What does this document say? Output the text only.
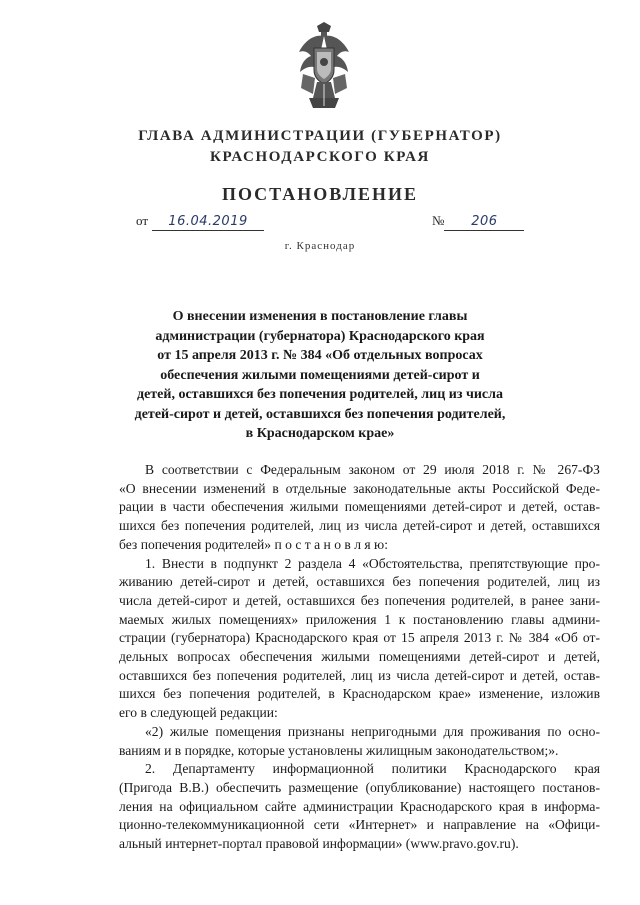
ГЛАВА АДМИНИСТРАЦИИ (ГУБЕРНАТОР)
КРАСНОДАРСКОГО КРАЯ
ПОСТАНОВЛЕНИЕ
от 16.04.2019	№ 206
г. Краснодар
О внесении изменения в постановление главы
администрации (губернатора) Краснодарского края
от 15 апреля 2013 г. № 384 «Об отдельных вопросах
обеспечения жилыми помещениями детей-сирот и
детей, оставшихся без попечения родителей, лиц из числа
детей-сирот и детей, оставшихся без попечения родителей,
в Краснодарском крае»
В соответствии с Федеральным законом от 29 июля 2018 г. № 267-ФЗ
«О внесении изменений в отдельные законодательные акты Российской Феде-
рации в части обеспечения жилыми помещениями детей-сирот и детей, остав-
шихся без попечения родителей, лиц из числа детей-сирот и детей, оставшихся
без попечения родителей» п о с т а н о в л я ю:
1. Внести в подпункт 2 раздела 4 «Обстоятельства, препятствующие про-
живанию детей-сирот и детей, оставшихся без попечения родителей, лиц из
числа детей-сирот и детей, оставшихся без попечения родителей, в ранее зани-
маемых жилых помещениях» приложения 1 к постановлению главы админи-
страции (губернатора) Краснодарского края от 15 апреля 2013 г. № 384 «Об от-
дельных вопросах обеспечения жилыми помещениями детей-сирот и детей,
оставшихся без попечения родителей, лиц из числа детей-сирот и детей, остав-
шихся без попечения родителей, в Краснодарском крае» изменение, изложив
его в следующей редакции:
«2) жилые помещения признаны непригодными для проживания по осно-
ваниям и в порядке, которые установлены жилищным законодательством;».
2. Департаменту информационной политики Краснодарского края
(Пригода В.В.) обеспечить размещение (опубликование) настоящего постанов-
ления на официальном сайте администрации Краснодарского края в информа-
ционно-телекоммуникационной сети «Интернет» и направление на «Офици-
альный интернет-портал правовой информации» (www.pravo.gov.ru).
